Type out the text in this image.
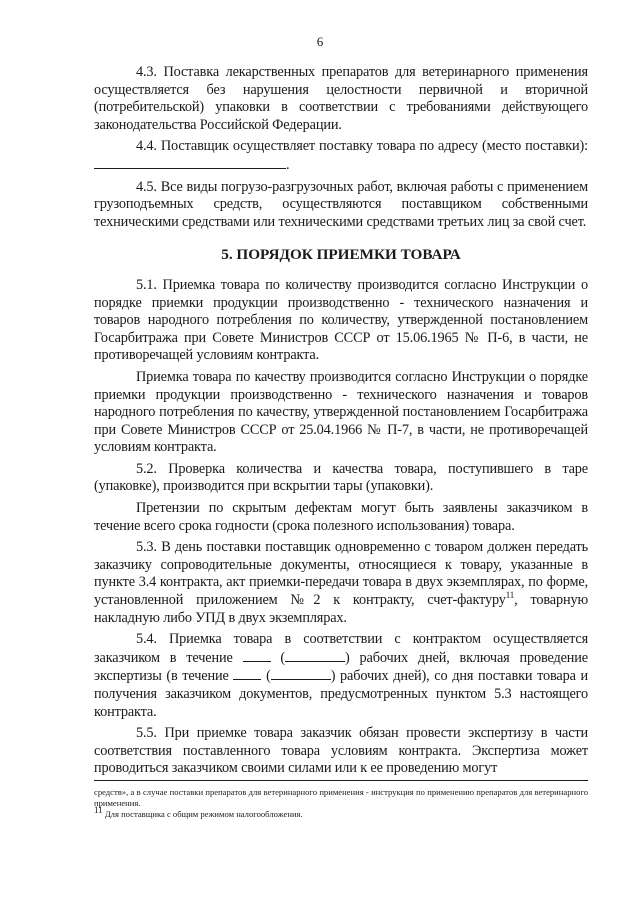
6

4.3. Поставка лекарственных препаратов для ветеринарного применения осуществляется без нарушения целостности первичной и вторичной (потребительской) упаковки в соответствии с требованиями действующего законодательства Российской Федерации.

4.4. Поставщик осуществляет поставку товара по адресу (место поставки): .

4.5. Все виды погрузо-разгрузочных работ, включая работы с применением грузоподъемных средств, осуществляются поставщиком собственными техническими средствами или техническими средствами третьих лиц за свой счет.

5. ПОРЯДОК ПРИЕМКИ ТОВАРА

5.1. Приемка товара по количеству производится согласно Инструкции о порядке приемки продукции производственно - технического назначения и товаров народного потребления по количеству, утвержденной постановлением Госарбитража при Совете Министров СССР от 15.06.1965 № П-6, в части, не противоречащей условиям контракта.

Приемка товара по качеству производится согласно Инструкции о порядке приемки продукции производственно - технического назначения и товаров народного потребления по качеству, утвержденной постановлением Госарбитража при Совете Министров СССР от 25.04.1966 № П-7, в части, не противоречащей условиям контракта.

5.2. Проверка количества и качества товара, поступившего в таре (упаковке), производится при вскрытии тары (упаковки).

Претензии по скрытым дефектам могут быть заявлены заказчиком в течение всего срока годности (срока полезного использования) товара.

5.3. В день поставки поставщик одновременно с товаром должен передать заказчику сопроводительные документы, относящиеся к товару, указанные в пункте 3.4 контракта, акт приемки-передачи товара в двух экземплярах, по форме, установленной приложением №2 к контракту, счет-фактуру$^{11}$, товарную накладную либо УПД в двух экземплярах.

5.4. Приемка товара в соответствии с контрактом осуществляется заказчиком в течение  (	) рабочих дней, включая проведение экспертизы (в течение  (	) рабочих дней), со дня поставки товара и получения заказчиком документов, предусмотренных пунктом 5.3 настоящего контракта.

5.5. При приемке товара заказчик обязан провести экспертизу в части соответствия поставленного товара условиям контракта. Экспертиза может проводиться заказчиком своими силами или к ее проведению могут

средств», а в случае поставки препаратов для ветеринарного применения - инструкция по применению препаратов для ветеринарного применения.

$^{11}$ Для поставщика с общим режимом налогообложения.
